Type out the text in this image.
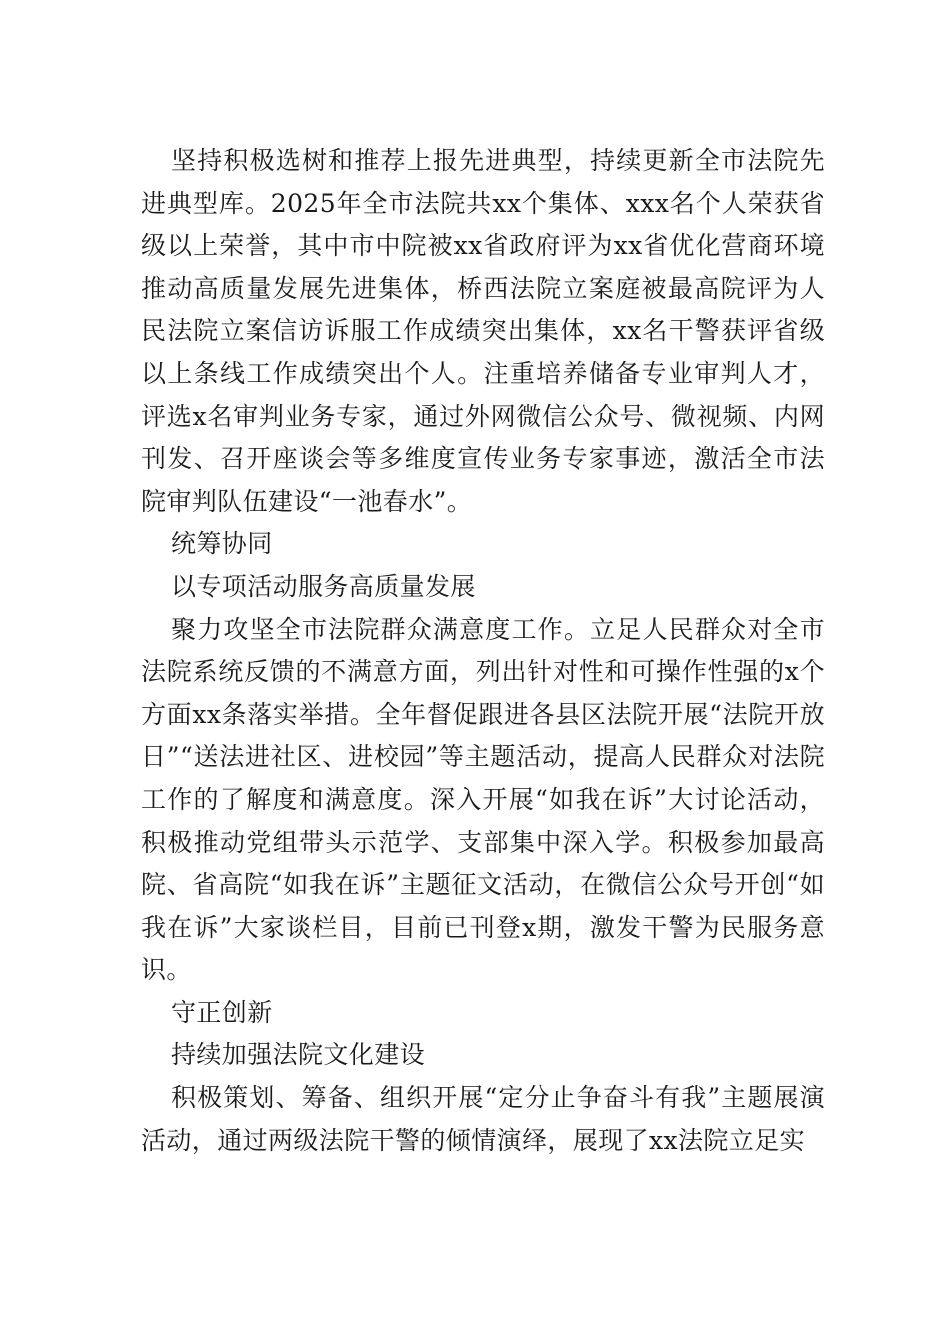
坚持积极选树和推荐上报先进典型，持续更新全市法院先进典型库。2025年全市法院共xx个集体、xxx名个人荣获省级以上荣誉，其中市中院被xx省政府评为xx省优化营商环境推动高质量发展先进集体，桥西法院立案庭被最高院评为人民法院立案信访诉服工作成绩突出集体，xx名干警获评省级以上条线工作成绩突出个人。注重培养储备专业审判人才，评选x名审判业务专家，通过外网微信公众号、微视频、内网刊发、召开座谈会等多维度宣传业务专家事迹，激活全市法院审判队伍建设“一池春水”。

统筹协同

以专项活动服务高质量发展

聚力攻坚全市法院群众满意度工作。立足人民群众对全市法院系统反馈的不满意方面，列出针对性和可操作性强的x个方面xx条落实举措。全年督促跟进各县区法院开展“法院开放日”“送法进社区、进校园”等主题活动，提高人民群众对法院工作的了解度和满意度。深入开展“如我在诉”大讨论活动，积极推动党组带头示范学、支部集中深入学。积极参加最高院、省高院“如我在诉”主题征文活动，在微信公众号开创“如我在诉”大家谈栏目，目前已刊登x期，激发干警为民服务意识。

守正创新

持续加强法院文化建设

积极策划、筹备、组织开展“定分止争奋斗有我”主题展演活动，通过两级法院干警的倾情演绎，展现了xx法院立足实
